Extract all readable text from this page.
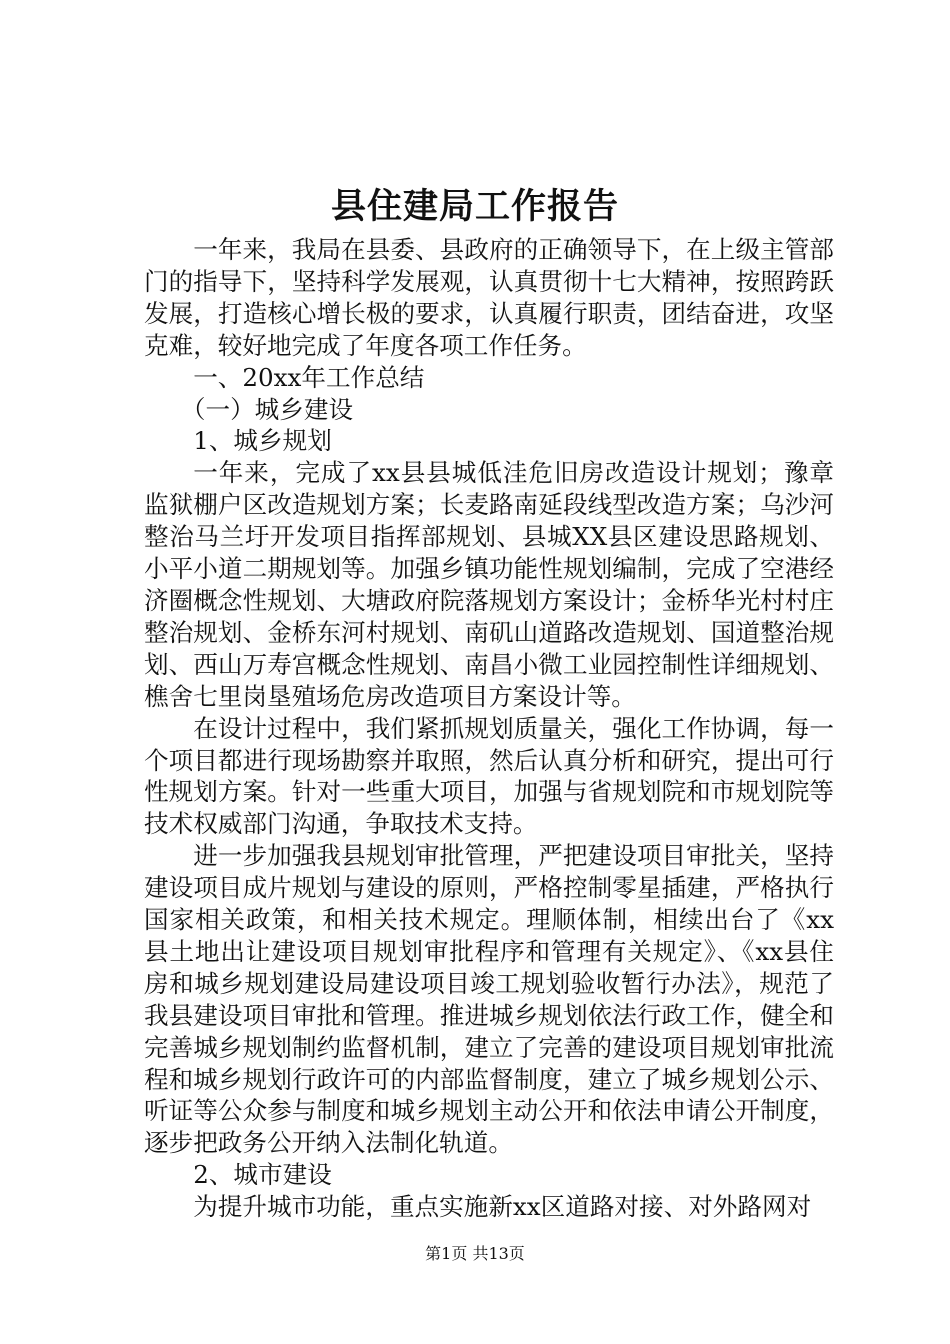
县住建局工作报告

一年来，我局在县委、县政府的正确领导下，在上级主管部门的指导下，坚持科学发展观，认真贯彻十七大精神，按照跨跃发展，打造核心增长极的要求，认真履行职责，团结奋进，攻坚克难，较好地完成了年度各项工作任务。

一、20xx年工作总结

（一）城乡建设

1、城乡规划

一年来，完成了xx县县城低洼危旧房改造设计规划；豫章监狱棚户区改造规划方案；长麦路南延段线型改造方案；乌沙河整治马兰圩开发项目指挥部规划、县城XX县区建设思路规划、小平小道二期规划等。加强乡镇功能性规划编制，完成了空港经济圈概念性规划、大塘政府院落规划方案设计；金桥华光村村庄整治规划、金桥东河村规划、南矶山道路改造规划、国道整治规划、西山万寿宫概念性规划、南昌小微工业园控制性详细规划、樵舍七里岗垦殖场危房改造项目方案设计等。

在设计过程中，我们紧抓规划质量关，强化工作协调，每一个项目都进行现场勘察并取照，然后认真分析和研究，提出可行性规划方案。针对一些重大项目，加强与省规划院和市规划院等技术权威部门沟通，争取技术支持。

进一步加强我县规划审批管理，严把建设项目审批关，坚持建设项目成片规划与建设的原则，严格控制零星插建，严格执行国家相关政策，和相关技术规定。理顺体制，相续出台了《xx县土地出让建设项目规划审批程序和管理有关规定》、《xx县住房和城乡规划建设局建设项目竣工规划验收暂行办法》，规范了我县建设项目审批和管理。推进城乡规划依法行政工作，健全和完善城乡规划制约监督机制，建立了完善的建设项目规划审批流程和城乡规划行政许可的内部监督制度，建立了城乡规划公示、听证等公众参与制度和城乡规划主动公开和依法申请公开制度，逐步把政务公开纳入法制化轨道。

2、城市建设

为提升城市功能，重点实施新xx区道路对接、对外路网对

第1页 共13页
